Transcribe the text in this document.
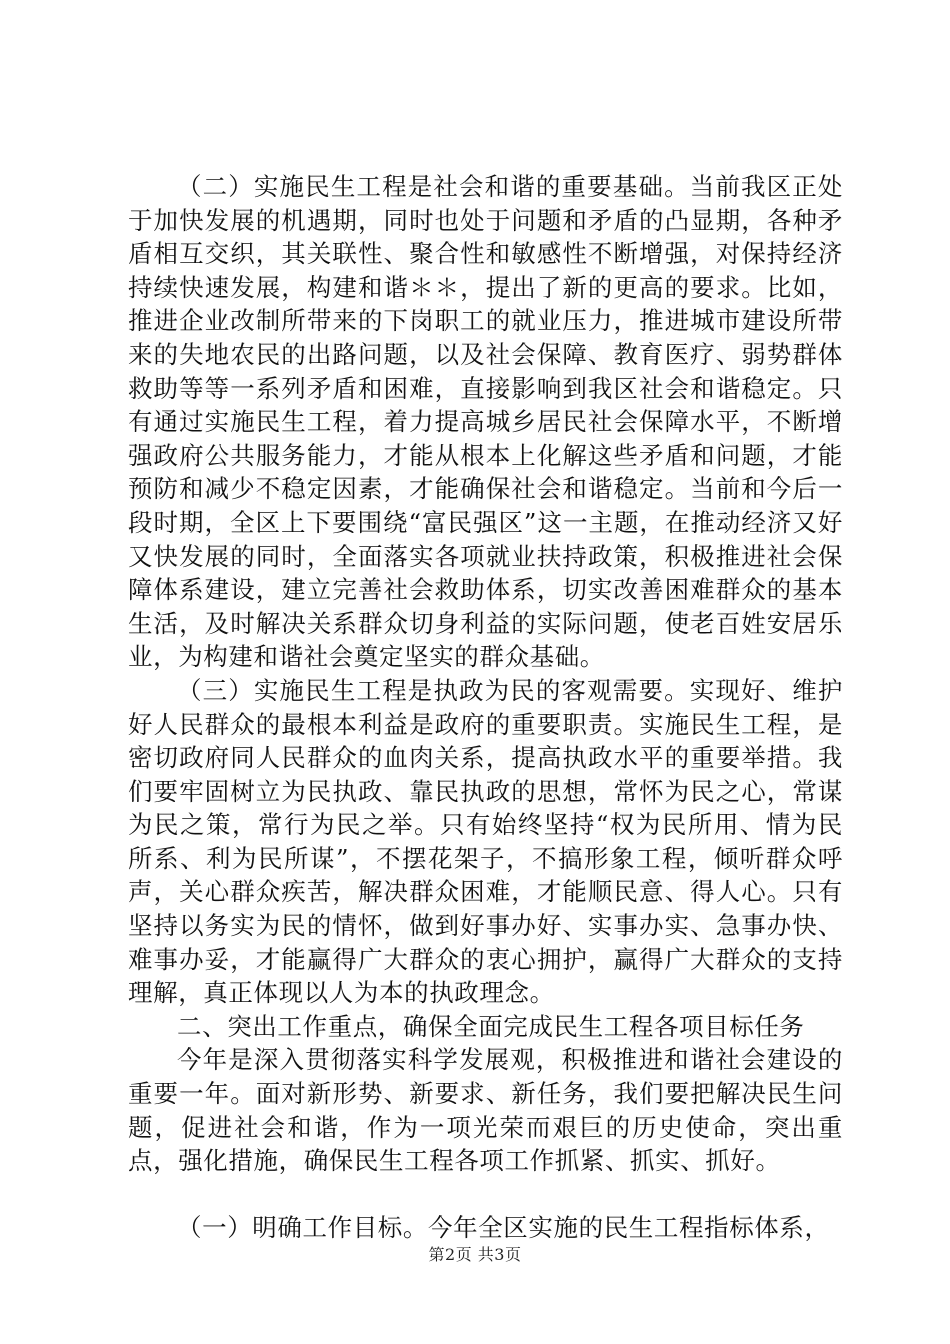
（二）实施民生工程是社会和谐的重要基础。当前我区正处于加快发展的机遇期，同时也处于问题和矛盾的凸显期，各种矛盾相互交织，其关联性、聚合性和敏感性不断增强，对保持经济持续快速发展，构建和谐＊＊，提出了新的更高的要求。比如，推进企业改制所带来的下岗职工的就业压力，推进城市建设所带来的失地农民的出路问题，以及社会保障、教育医疗、弱势群体救助等等一系列矛盾和困难，直接影响到我区社会和谐稳定。只有通过实施民生工程，着力提高城乡居民社会保障水平，不断增强政府公共服务能力，才能从根本上化解这些矛盾和问题，才能预防和减少不稳定因素，才能确保社会和谐稳定。当前和今后一段时期，全区上下要围绕“富民强区”这一主题，在推动经济又好又快发展的同时，全面落实各项就业扶持政策，积极推进社会保障体系建设，建立完善社会救助体系，切实改善困难群众的基本生活，及时解决关系群众切身利益的实际问题，使老百姓安居乐业，为构建和谐社会奠定坚实的群众基础。

（三）实施民生工程是执政为民的客观需要。实现好、维护好人民群众的最根本利益是政府的重要职责。实施民生工程，是密切政府同人民群众的血肉关系，提高执政水平的重要举措。我们要牢固树立为民执政、靠民执政的思想，常怀为民之心，常谋为民之策，常行为民之举。只有始终坚持“权为民所用、情为民所系、利为民所谋”，不摆花架子，不搞形象工程，倾听群众呼声，关心群众疾苦，解决群众困难，才能顺民意、得人心。只有坚持以务实为民的情怀，做到好事办好、实事办实、急事办快、难事办妥，才能赢得广大群众的衷心拥护，赢得广大群众的支持理解，真正体现以人为本的执政理念。

二、突出工作重点，确保全面完成民生工程各项目标任务

今年是深入贯彻落实科学发展观，积极推进和谐社会建设的重要一年。面对新形势、新要求、新任务，我们要把解决民生问题，促进社会和谐，作为一项光荣而艰巨的历史使命，突出重点，强化措施，确保民生工程各项工作抓紧、抓实、抓好。

（一）明确工作目标。今年全区实施的民生工程指标体系，

第2页 共3页
